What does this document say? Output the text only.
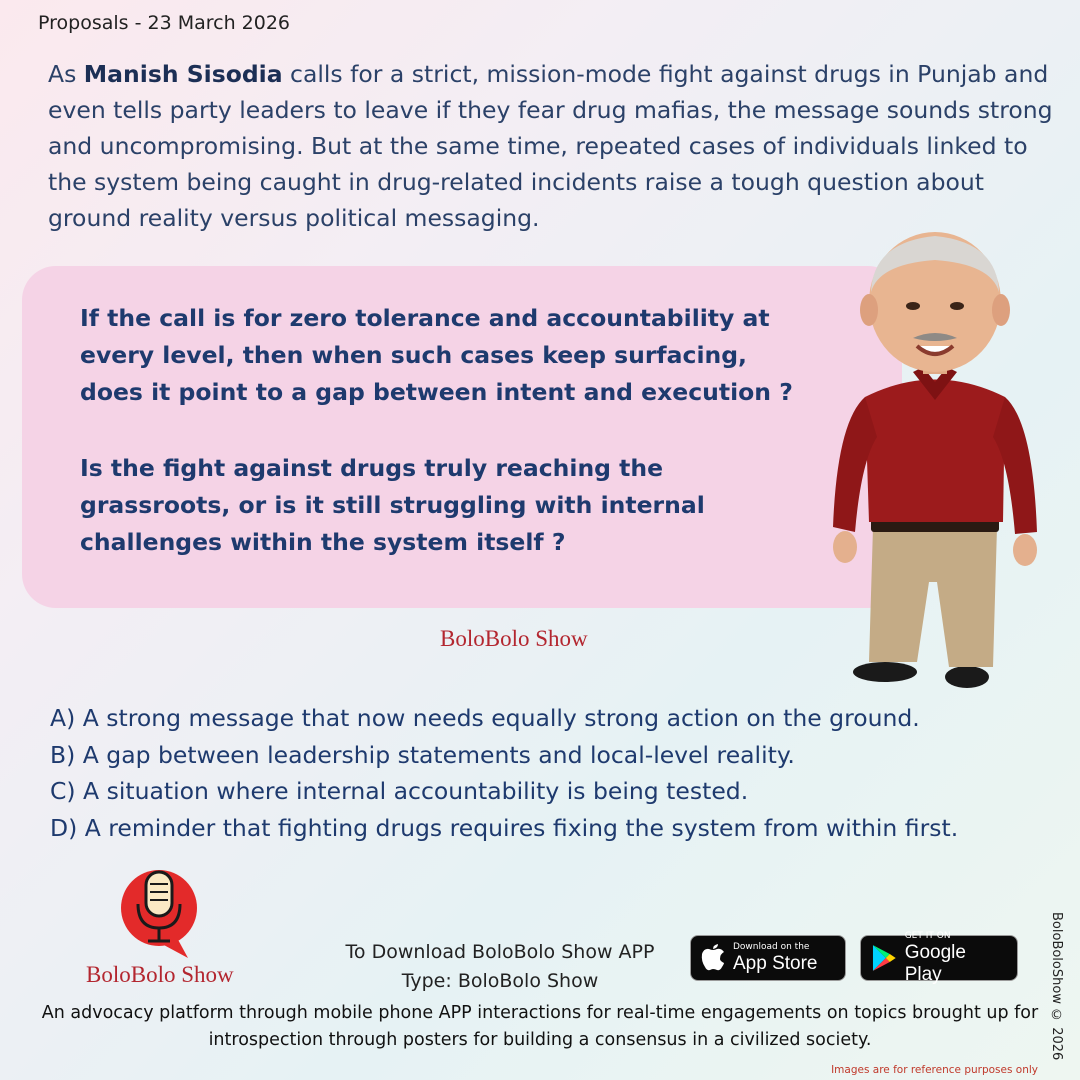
Proposals - 23 March 2026

As Manish Sisodia calls for a strict, mission-mode fight against drugs in Punjab and even tells party leaders to leave if they fear drug mafias, the message sounds strong and uncompromising. But at the same time, repeated cases of individuals linked to the system being caught in drug-related incidents raise a tough question about ground reality versus political messaging.

If the call is for zero tolerance and accountability at every level, then when such cases keep surfacing, does it point to a gap between intent and execution ?

Is the fight against drugs truly reaching the grassroots, or is it still struggling with internal challenges within the system itself ?

BoloBolo Show
A) A strong message that now needs equally strong action on the ground.
B) A gap between leadership statements and local-level reality.
C) A situation where internal accountability is being tested.
D) A reminder that fighting drugs requires fixing the system from within first.
BoloBolo Show
To Download BoloBolo Show APP
Type: BoloBolo Show
Download on the
App Store
GET IT ON
Google Play

An advocacy platform through mobile phone APP interactions for real-time engagements on topics brought up for introspection through posters for building a consensus in a civilized society.	BoloBoloShow © 2026
Images are for reference purposes only
